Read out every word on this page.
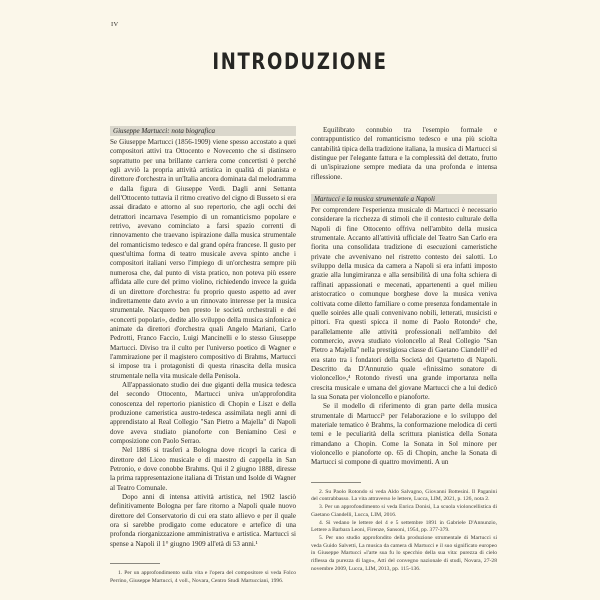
IV
INTRODUZIONE
Giuseppe Martucci: nota biografica

Se Giuseppe Martucci (1856-1909) viene spesso accostato a quei compositori attivi tra Ottocento e Novecento che si distinsero soprattutto per una brillante carriera come concertisti è perché egli avviò la propria attività artistica in qualità di pianista e direttore d'orchestra in un'Italia ancora dominata dal melodramma e dalla figura di Giuseppe Verdi. Dagli anni Settanta dell'Ottocento tuttavia il ritmo creativo del cigno di Busseto si era assai diradato e attorno al suo repertorio, che agli occhi dei detrattori incarnava l'esempio di un romanticismo popolare e retrivo, avevano cominciato a farsi spazio correnti di rinnovamento che traevano ispirazione dalla musica strumentale del romanticismo tedesco e dal grand opéra francese. Il gusto per quest'ultima forma di teatro musicale aveva spinto anche i compositori italiani verso l'impiego di un'orchestra sempre più numerosa che, dal punto di vista pratico, non poteva più essere affidata alle cure del primo violino, richiedendo invece la guida di un direttore d'orchestra: fu proprio questo aspetto ad aver indirettamente dato avvio a un rinnovato interesse per la musica strumentale. Nacquero ben presto le società orchestrali e dei «concerti popolari», dedite allo sviluppo della musica sinfonica e animate da direttori d'orchestra quali Angelo Mariani, Carlo Pedrotti, Franco Faccio, Luigi Mancinelli e lo stesso Giuseppe Martucci. Diviso tra il culto per l'universo poetico di Wagner e l'ammirazione per il magistero compositivo di Brahms, Martucci si impose tra i protagonisti di questa rinascita della musica strumentale nella vita musicale della Penisola.

All'appassionato studio dei due giganti della musica tedesca del secondo Ottocento, Martucci univa un'approfondita conoscenza del repertorio pianistico di Chopin e Liszt e della produzione cameristica austro-tedesca assimilata negli anni di apprendistato al Real Collegio "San Pietro a Majella" di Napoli dove aveva studiato pianoforte con Beniamino Cesi e composizione con Paolo Serrao.

Nel 1886 si trasferì a Bologna dove ricoprì la carica di direttore del Liceo musicale e di maestro di cappella in San Petronio, e dove conobbe Brahms. Qui il 2 giugno 1888, diresse la prima rappresentazione italiana di Tristan und Isolde di Wagner al Teatro Comunale.

Dopo anni di intensa attività artistica, nel 1902 lasciò definitivamente Bologna per fare ritorno a Napoli quale nuovo direttore del Conservatorio di cui era stato allievo e per il quale ora si sarebbe prodigato come educatore e artefice di una profonda riorganizzazione amministrativa e artistica. Martucci si spense a Napoli il 1° giugno 1909 all'età di 53 anni.¹

1. Per un approfondimento sulla vita e l'opera del compositore si veda Folco Perrino, Giuseppe Martucci, 4 voll., Novara, Centro Studi Martucciani, 1996.

Equilibrato connubio tra l'esempio formale e contrappuntistico del romanticismo tedesco e una più sciolta cantabilità tipica della tradizione italiana, la musica di Martucci si distingue per l'elegante fattura e la complessità del dettato, frutto di un'ispirazione sempre mediata da una profonda e intensa riflessione.

Martucci e la musica strumentale a Napoli

Per comprendere l'esperienza musicale di Martucci è necessario considerare la ricchezza di stimoli che il contesto culturale della Napoli di fine Ottocento offriva nell'ambito della musica strumentale. Accanto all'attività ufficiale del Teatro San Carlo era fiorita una consolidata tradizione di esecuzioni cameristiche private che avvenivano nel ristretto contesto dei salotti. Lo sviluppo della musica da camera a Napoli si era infatti imposto grazie alla lungimiranza e alla sensibilità di una folta schiera di raffinati appassionati e mecenati, appartenenti a quel milieu aristocratico o comunque borghese dove la musica veniva coltivata come diletto familiare o come presenza fondamentale in quelle soirées alle quali convenivano nobili, letterati, musicisti e pittori. Fra questi spicca il nome di Paolo Rotondo² che, parallelamente alle attività professionali nell'ambito del commercio, aveva studiato violoncello al Real Collegio "San Pietro a Majella" nella prestigiosa classe di Gaetano Ciandelli³ ed era stato tra i fondatori della Società del Quartetto di Napoli. Descritto da D'Annunzio quale «finissimo sonatore di violoncello»,⁴ Rotondo rivestì una grande importanza nella crescita musicale e umana del giovane Martucci che a lui dedicò la sua Sonata per violoncello e pianoforte.

Se il modello di riferimento di gran parte della musica strumentale di Martucci⁵ per l'elaborazione e lo sviluppo del materiale tematico è Brahms, la conformazione melodica di certi temi e le peculiarità della scrittura pianistica della Sonata rimandano a Chopin. Come la Sonata in Sol minore per violoncello e pianoforte op. 65 di Chopin, anche la Sonata di Martucci si compone di quattro movimenti. A un

2. Su Paolo Rotondo si veda Aldo Salvagno, Giovanni Bottesini. Il Paganini del contrabbasso. La vita attraverso le lettere, Lucca, LIM, 2021, p. 126, nota 2.

3. Per un approfondimento si veda Enrica Donisi, La scuola violoncellistica di Gaetano Ciandelli, Lucca, LIM, 2016.

4. Si vedano le lettere del 4 e 5 settembre 1891 in Gabriele D'Annunzio, Lettere a Barbara Leoni, Firenze, Sansoni, 1954, pp. 377-379.

5. Per uno studio approfondito della produzione strumentale di Martucci si veda Guido Salvetti, La musica da camera di Martucci e il suo significato europeo in Giuseppe Martucci «l'arte sua fu lo specchio della sua vita: purezza di cielo riflessa da purezza di lago», Atti del convegno nazionale di studi, Novara, 27-28 novembre 2009, Lucca, LIM, 2013, pp. 115-136.
